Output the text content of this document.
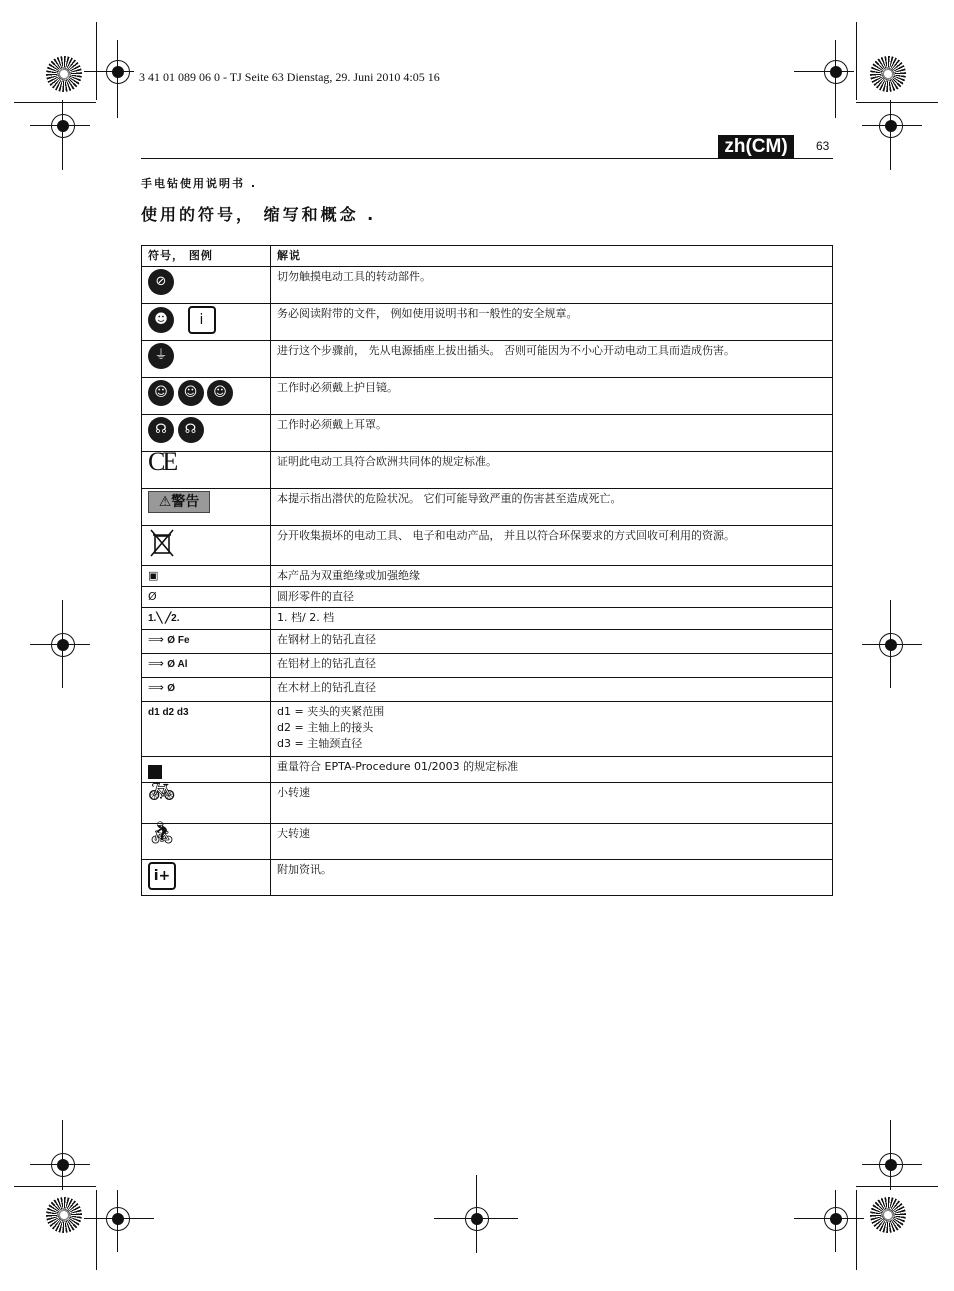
3 41 01 089 06 0 - TJ Seite 63 Dienstag, 29. Juni 2010 4:05 16
zh(CM)	63
手电钻使用说明书 .
使用的符号， 缩写和概念 .
符号， 图例	解说
⊘	切勿触摸电动工具的转动部件。
☻ i	务必阅读附带的文件， 例如使用说明书和一般性的安全规章。
⏚	进行这个步骤前， 先从电源插座上拔出插头。 否则可能因为不小心开动电动工具而造成伤害。
☺ ☺ ☺	工作时必须戴上护目镜。
☊ ☊	工作时必须戴上耳罩。
CE	证明此电动工具符合欧洲共同体的规定标准。
⚠警告	本提示指出潜伏的危险状况。 它们可能导致严重的伤害甚至造成死亡。
	分开收集损坏的电动工具、 电子和电动产品， 并且以符合环保要求的方式回收可利用的资源。
▣	本产品为双重绝缘或加强绝缘
Ø	圆形零件的直径
1.╲ ╱2.	1. 档/ 2. 档
⟹ Ø Fe	在钢材上的钻孔直径
⟹ Ø Al	在铝材上的钻孔直径
⟹ Ø	在木材上的钻孔直径
d1 d2 d3	d1 = 夹头的夹紧范围
d2 = 主轴上的接头
d3 = 主轴颈直径

	重量符合 EPTA-Procedure 01/2003 的规定标准
🚲︎	小转速
🚴︎	大转速
i+	附加资讯。
